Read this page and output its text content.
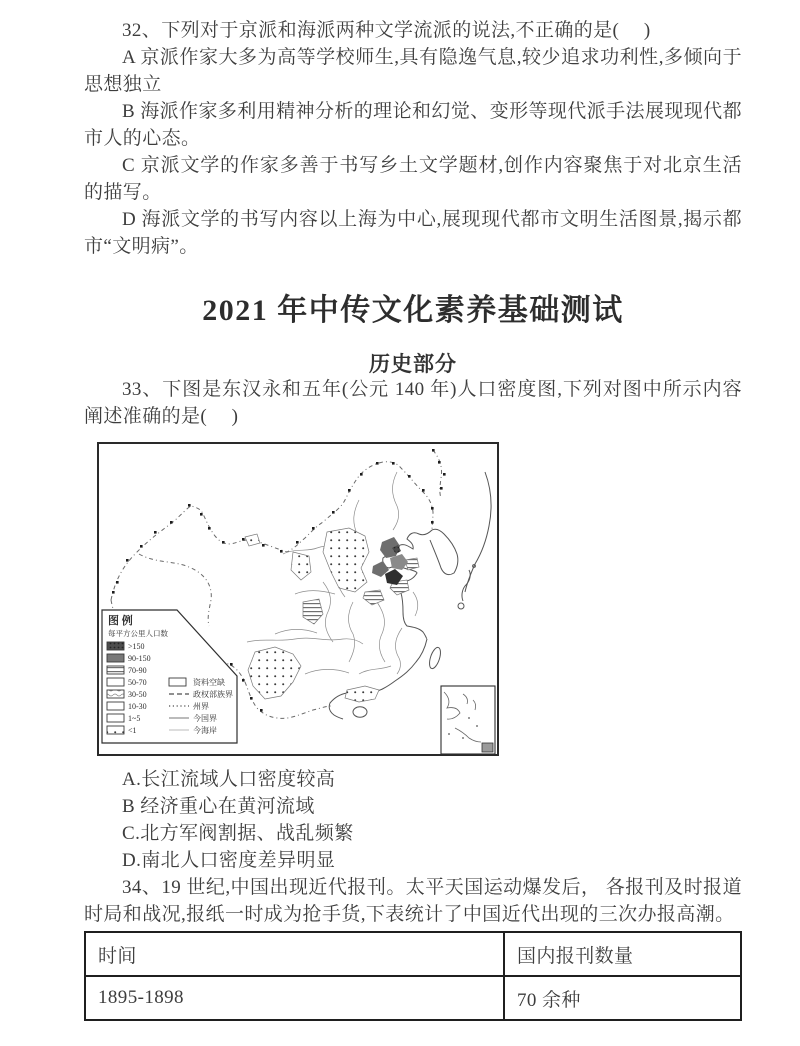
32、下列对于京派和海派两种文学流派的说法,不正确的是(　 )

A 京派作家大多为高等学校师生,具有隐逸气息,较少追求功利性,多倾向于思想独立

B 海派作家多利用精神分析的理论和幻觉、变形等现代派手法展现现代都市人的心态。

C 京派文学的作家多善于书写乡土文学题材,创作内容聚焦于对北京生活的描写。

D 海派文学的书写内容以上海为中心,展现现代都市文明生活图景,揭示都市“文明病”。

2021 年中传文化素养基础测试
历史部分

33、下图是东汉永和五年(公元 140 年)人口密度图,下列对图中所示内容阐述准确的是(　 )

图 例
每平方公里人口数
>150
90-150
70-90
50-70
30-50
10-30
1~5
<1
资料空缺
政权部族界
州界
今国界
今海岸

A.长江流域人口密度较高

B 经济重心在黄河流域

C.北方军阀割据、战乱频繁

D.南北人口密度差异明显

34、19 世纪,中国出现近代报刊。太平天国运动爆发后， 各报刊及时报道时局和战况,报纸一时成为抢手货,下表统计了中国近代出现的三次办报高潮。

时间	国内报刊数量
1895-1898	70 余种
